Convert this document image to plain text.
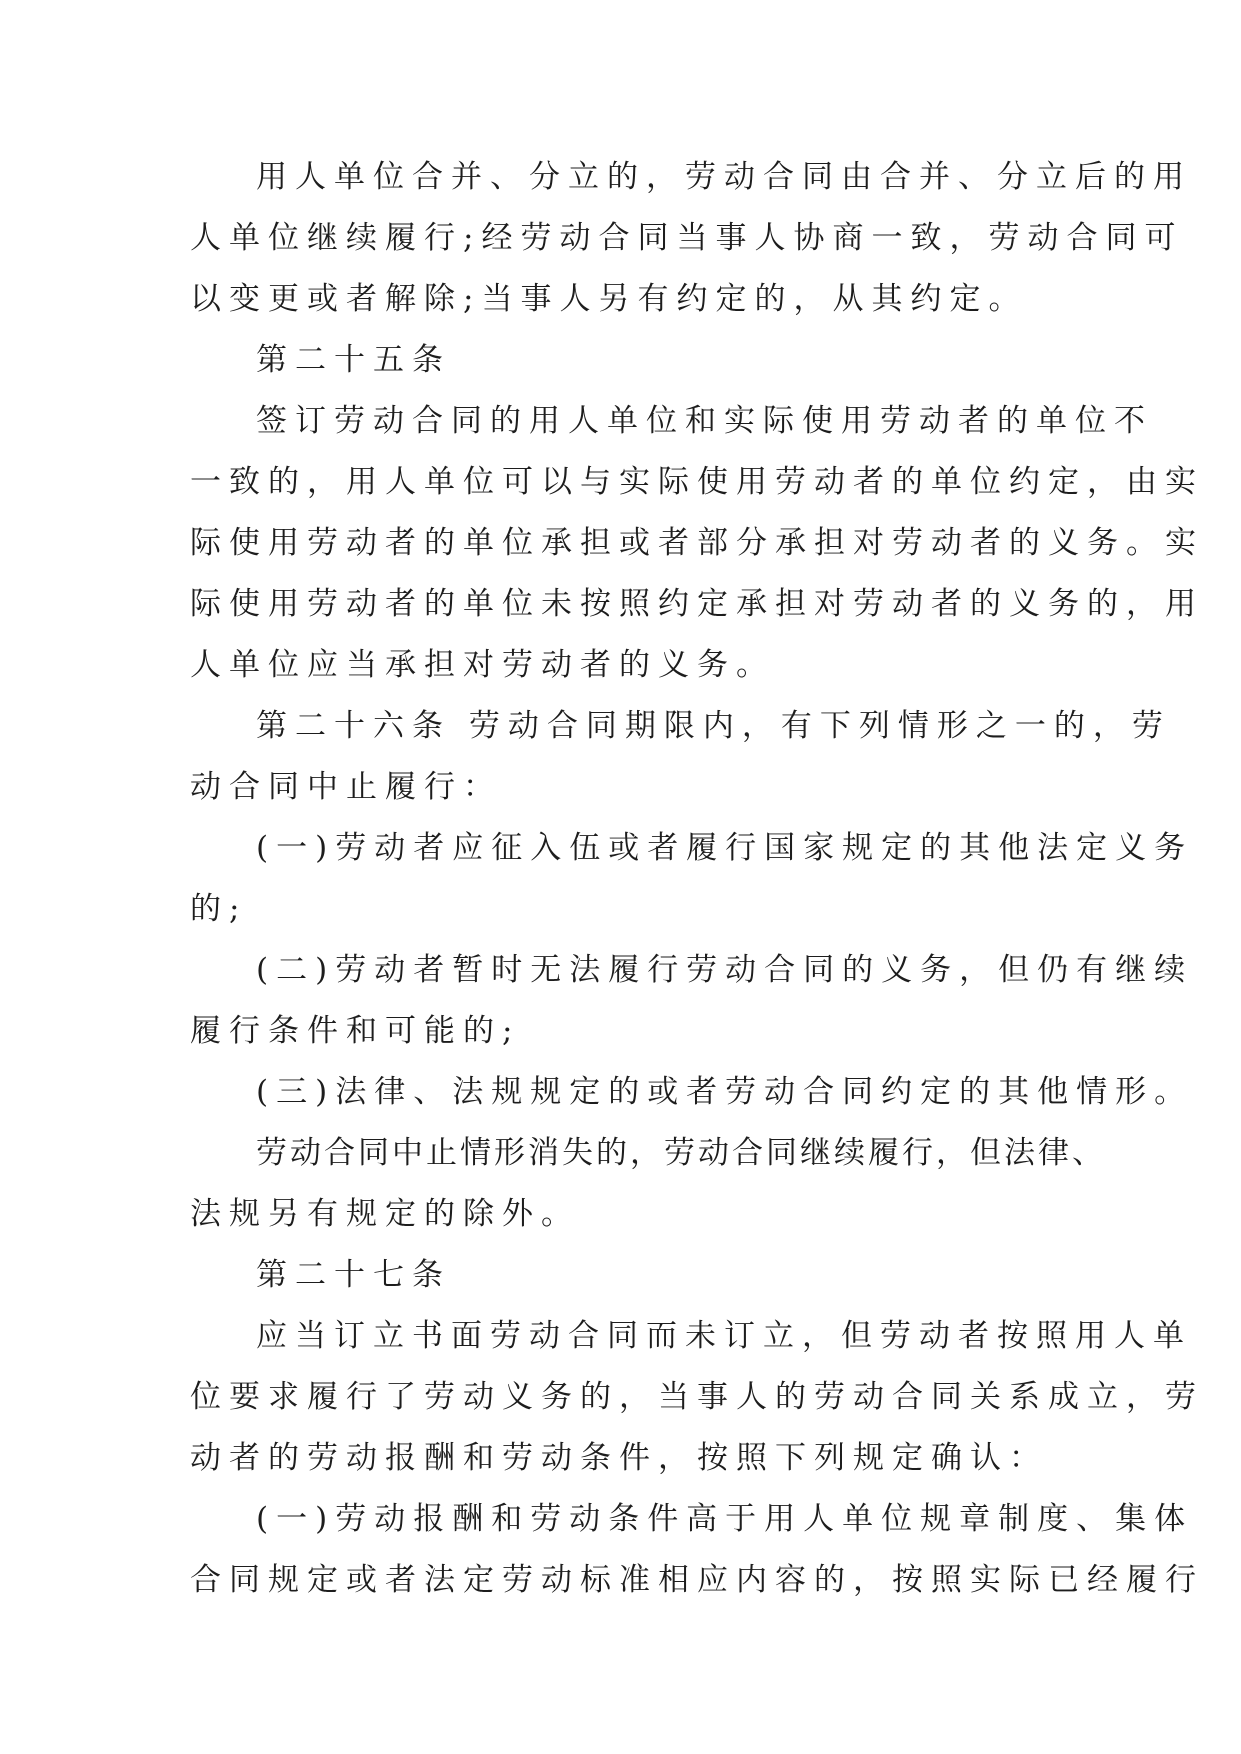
用人单位合并、分立的，劳动合同由合并、分立后的用
人单位继续履行;经劳动合同当事人协商一致，劳动合同可
以变更或者解除;当事人另有约定的，从其约定。
第二十五条
签订劳动合同的用人单位和实际使用劳动者的单位不
一致的，用人单位可以与实际使用劳动者的单位约定，由实
际使用劳动者的单位承担或者部分承担对劳动者的义务。实
际使用劳动者的单位未按照约定承担对劳动者的义务的，用
人单位应当承担对劳动者的义务。
第二十六条 劳动合同期限内，有下列情形之一的，劳
动合同中止履行：
(一)劳动者应征入伍或者履行国家规定的其他法定义务
的;
(二)劳动者暂时无法履行劳动合同的义务，但仍有继续
履行条件和可能的;
(三)法律、法规规定的或者劳动合同约定的其他情形。
劳动合同中止情形消失的，劳动合同继续履行，但法律、
法规另有规定的除外。
第二十七条
应当订立书面劳动合同而未订立，但劳动者按照用人单
位要求履行了劳动义务的，当事人的劳动合同关系成立，劳
动者的劳动报酬和劳动条件，按照下列规定确认：
(一)劳动报酬和劳动条件高于用人单位规章制度、集体
合同规定或者法定劳动标准相应内容的，按照实际已经履行
